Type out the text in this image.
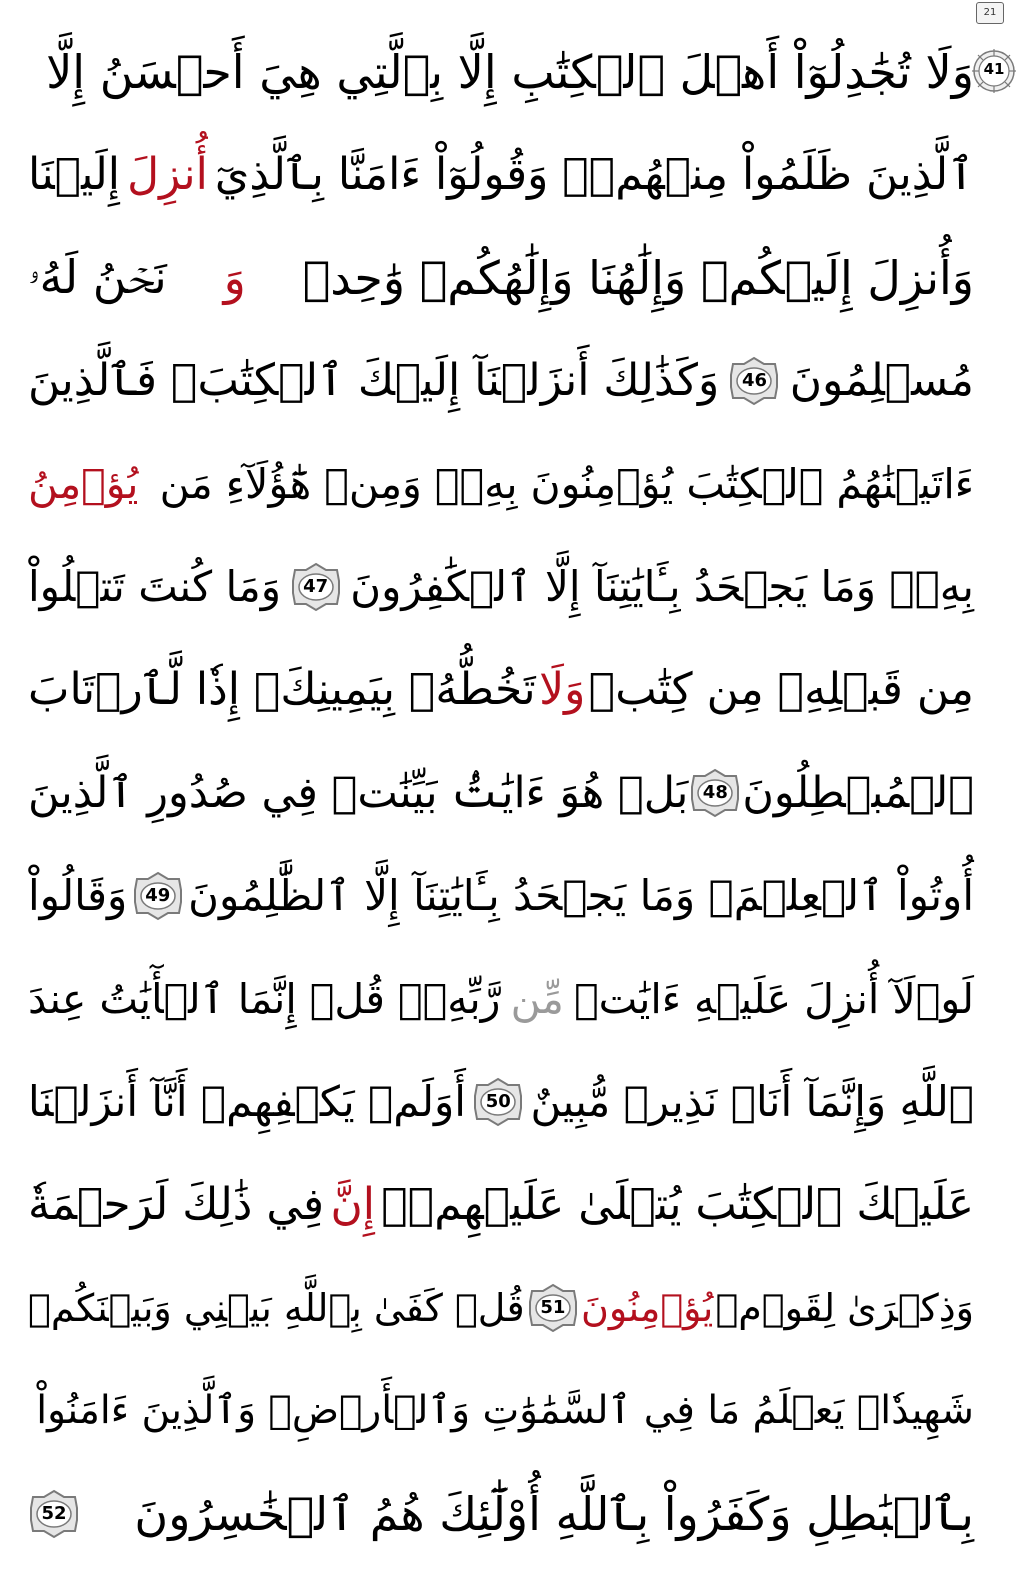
21
41
وَلَا تُجَٰدِلُوٓاْ أَهۡلَ ٱلۡكِتَٰبِ إِلَّا بِٱلَّتِي هِيَ أَحۡسَنُ إِلَّا
ٱلَّذِينَ ظَلَمُواْ مِنۡهُمۡۖ وَقُولُوٓاْ ءَامَنَّا بِٱلَّذِيٓ
أُنزِلَ
إِلَيۡنَا
وَأُنزِلَ إِلَيۡكُمۡ وَإِلَٰهُنَا وَإِلَٰهُكُمۡ وَٰحِدٞ
وَ
نَحۡنُ لَهُۥ
مُسۡلِمُونَ
46
وَكَذَٰلِكَ أَنزَلۡنَآ إِلَيۡكَ ٱلۡكِتَٰبَۚ فَٱلَّذِينَ
ءَاتَيۡنَٰهُمُ ٱلۡكِتَٰبَ يُؤۡمِنُونَ بِهِۦۖ وَمِنۡ هَٰٓؤُلَآءِ مَن
يُؤۡمِنُ
بِهِۦۚ وَمَا يَجۡحَدُ بِـَٔايَٰتِنَآ إِلَّا ٱلۡكَٰفِرُونَ
47
وَمَا كُنتَ تَتۡلُواْ
مِن قَبۡلِهِۦ مِن كِتَٰبٖ
وَلَا
تَخُطُّهُۥ بِيَمِينِكَۖ إِذٗا لَّٱرۡتَابَ
ٱلۡمُبۡطِلُونَ
48
بَلۡ هُوَ ءَايَٰتُۢ بَيِّنَٰتٞ فِي صُدُورِ ٱلَّذِينَ
أُوتُواْ ٱلۡعِلۡمَۚ وَمَا يَجۡحَدُ بِـَٔايَٰتِنَآ إِلَّا ٱلظَّٰلِمُونَ
49
وَقَالُواْ
لَوۡلَآ أُنزِلَ عَلَيۡهِ ءَايَٰتٞ
مِّن
رَّبِّهِۦۖ قُلۡ إِنَّمَا ٱلۡأٓيَٰتُ عِندَ
ٱللَّهِ وَإِنَّمَآ أَنَا۠ نَذِيرٞ مُّبِينٌ
50
أَوَلَمۡ يَكۡفِهِمۡ أَنَّآ أَنزَلۡنَا
عَلَيۡكَ ٱلۡكِتَٰبَ يُتۡلَىٰ عَلَيۡهِمۡۚ
إِنَّ
فِي ذَٰلِكَ لَرَحۡمَةٗ
وَذِكۡرَىٰ لِقَوۡمٖ
يُؤۡمِنُونَ
51
قُلۡ كَفَىٰ بِٱللَّهِ بَيۡنِي وَبَيۡنَكُمۡ
شَهِيدٗاۖ يَعۡلَمُ مَا فِي ٱلسَّمَٰوَٰتِ وَٱلۡأَرۡضِۗ وَٱلَّذِينَ ءَامَنُواْ
بِٱلۡبَٰطِلِ وَكَفَرُواْ بِٱللَّهِ أُوْلَٰٓئِكَ هُمُ ٱلۡخَٰسِرُونَ
52
